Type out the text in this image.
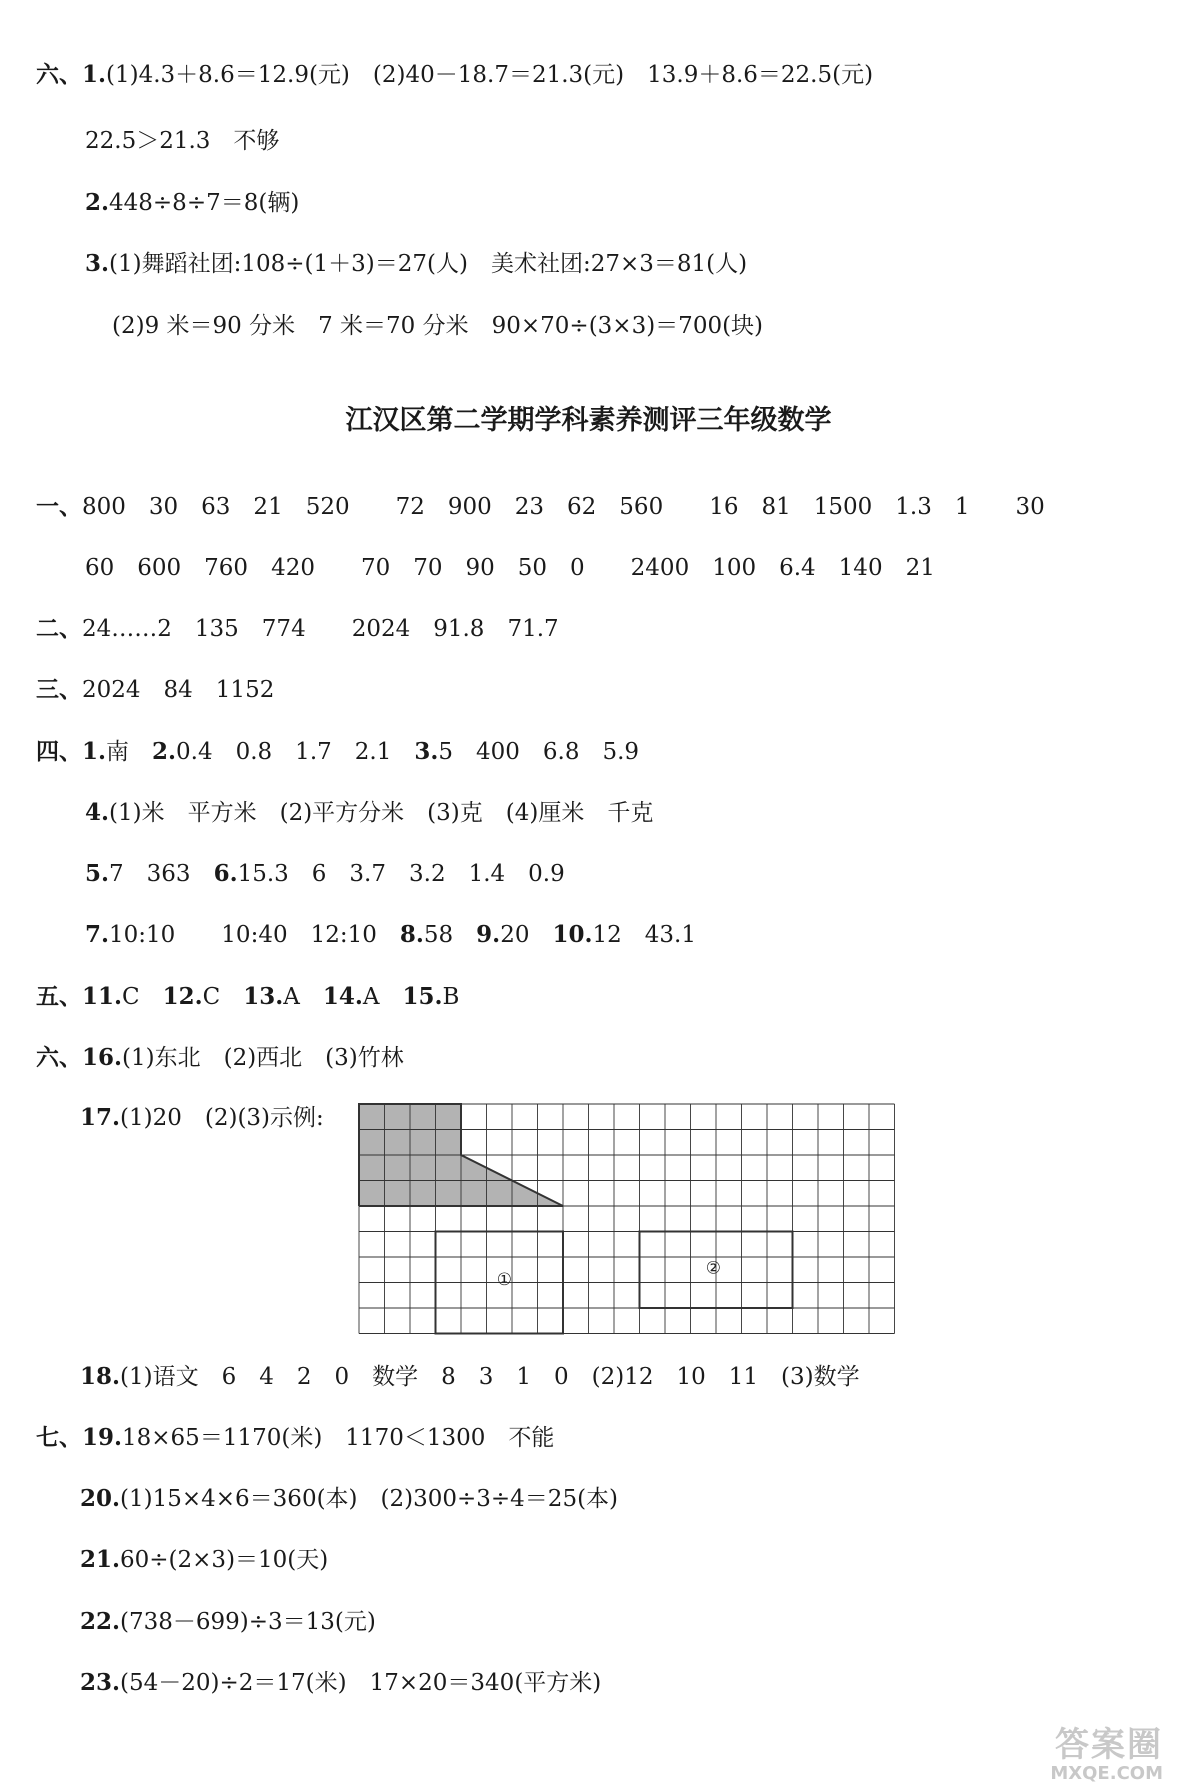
六、1.(1)4.3＋8.6＝12.9(元)　(2)40－18.7＝21.3(元)　13.9＋8.6＝22.5(元)
22.5＞21.3　不够
2.448÷8÷7＝8(辆)
3.(1)舞蹈社团:108÷(1＋3)＝27(人)　美术社团:27×3＝81(人)
(2)9 米＝90 分米　7 米＝70 分米　90×70÷(3×3)＝700(块)
江汉区第二学期学科素养测评三年级数学
一、800　30　63　21　520　　72　900　23　62　560　　16　81　1500　1.3　1　　30
60　600　760　420　　70　70　90　50　0　　2400　100　6.4　140　21
二、24……2　135　774　　2024　91.8　71.7
三、2024　84　1152
四、1.南　2.0.4　0.8　1.7　2.1　3.5　400　6.8　5.9
4.(1)米　平方米　(2)平方分米　(3)克　(4)厘米　千克
5.7　363　6.15.3　6　3.7　3.2　1.4　0.9
7.10:10　　10:40　12:10　8.58　9.20　10.12　43.1
五、11.C　12.C　13.A　14.A　15.B
六、16.(1)东北　(2)西北　(3)竹林
17.(1)20　(2)(3)示例:
①
②
18.(1)语文　6　4　2　0　数学　8　3　1　0　(2)12　10　11　(3)数学
七、19.18×65＝1170(米)　1170＜1300　不能
20.(1)15×4×6＝360(本)　(2)300÷3÷4＝25(本)
21.60÷(2×3)＝10(天)
22.(738－699)÷3＝13(元)
23.(54－20)÷2＝17(米)　17×20＝340(平方米)
答案圈
MXQE.COM
